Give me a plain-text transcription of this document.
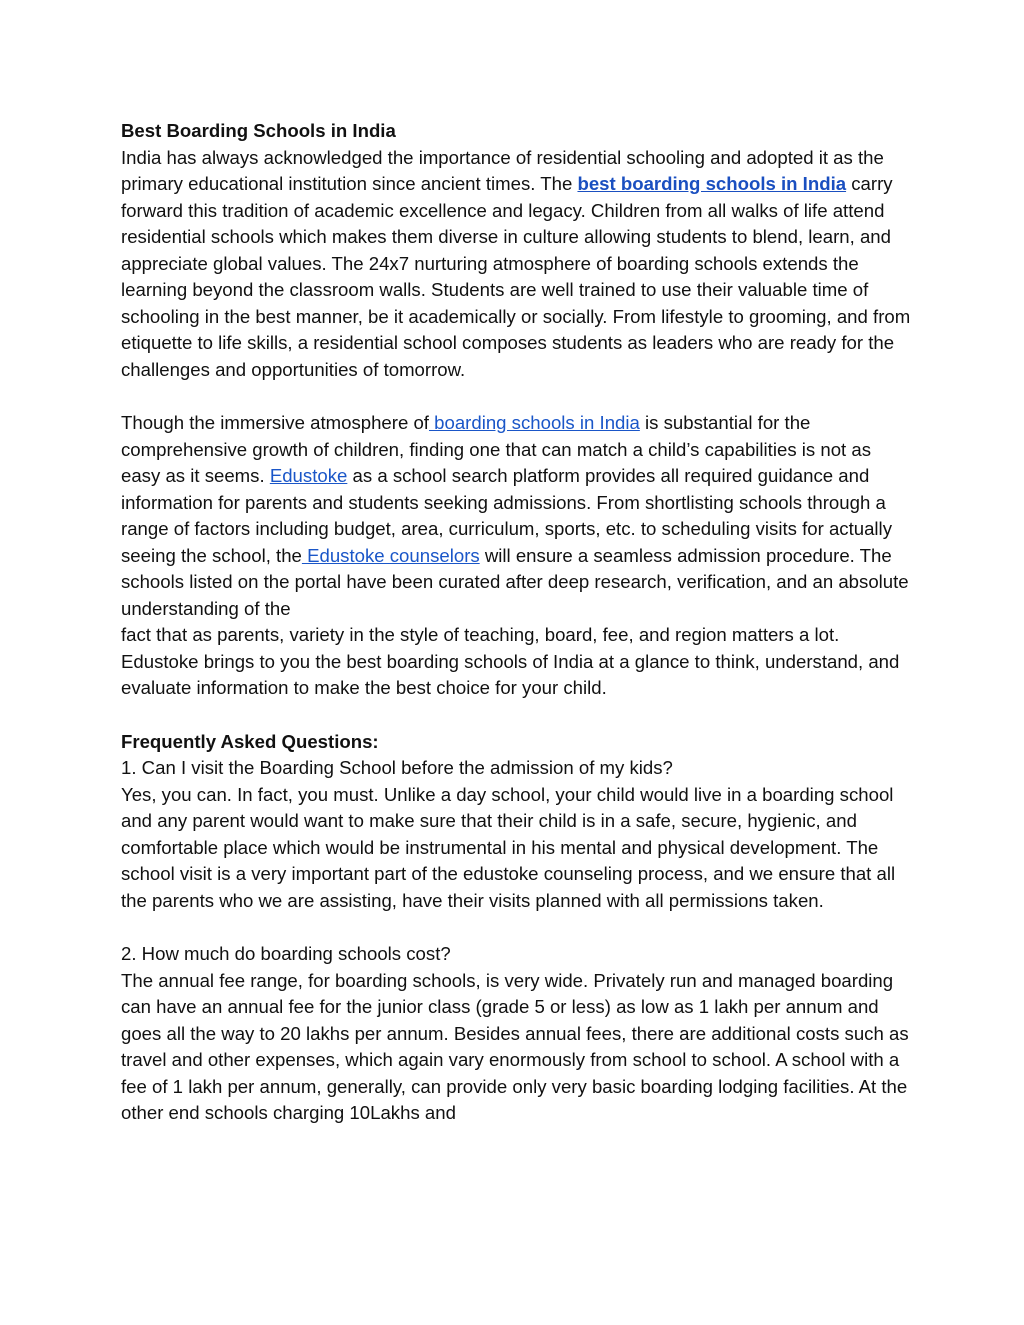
Best Boarding Schools in India

India has always acknowledged the importance of residential schooling and adopted it as the primary educational institution since ancient times. The best boarding schools in India carry forward this tradition of academic excellence and legacy. Children from all walks of life attend residential schools which makes them diverse in culture allowing students to blend, learn, and appreciate global values. The 24x7 nurturing atmosphere of boarding schools extends the learning beyond the classroom walls. Students are well trained to use their valuable time of schooling in the best manner, be it academically or socially. From lifestyle to grooming, and from etiquette to life skills, a residential school composes students as leaders who are ready for the challenges and opportunities of tomorrow.

Though the immersive atmosphere of boarding schools in India is substantial for the comprehensive growth of children, finding one that can match a child’s capabilities is not as easy as it seems. Edustoke as a school search platform provides all required guidance and information for parents and students seeking admissions. From shortlisting schools through a range of factors including budget, area, curriculum, sports, etc. to scheduling visits for actually seeing the school, the Edustoke counselors will ensure a seamless admission procedure. The schools listed on the portal have been curated after deep research, verification, and an absolute understanding of the
fact that as parents, variety in the style of teaching, board, fee, and region matters a lot. Edustoke brings to you the best boarding schools of India at a glance to think, understand, and evaluate information to make the best choice for your child.

Frequently Asked Questions:

1. Can I visit the Boarding School before the admission of my kids?

Yes, you can. In fact, you must. Unlike a day school, your child would live in a boarding school and any parent would want to make sure that their child is in a safe, secure, hygienic, and comfortable place which would be instrumental in his mental and physical development. The school visit is a very important part of the edustoke counseling process, and we ensure that all the parents who we are assisting, have their visits planned with all permissions taken.

2. How much do boarding schools cost?

The annual fee range, for boarding schools, is very wide. Privately run and managed boarding can have an annual fee for the junior class (grade 5 or less) as low as 1 lakh per annum and goes all the way to 20 lakhs per annum. Besides annual fees, there are additional costs such as travel and other expenses, which again vary enormously from school to school. A school with a fee of 1 lakh per annum, generally, can provide only very basic boarding lodging facilities. At the other end schools charging 10Lakhs and
